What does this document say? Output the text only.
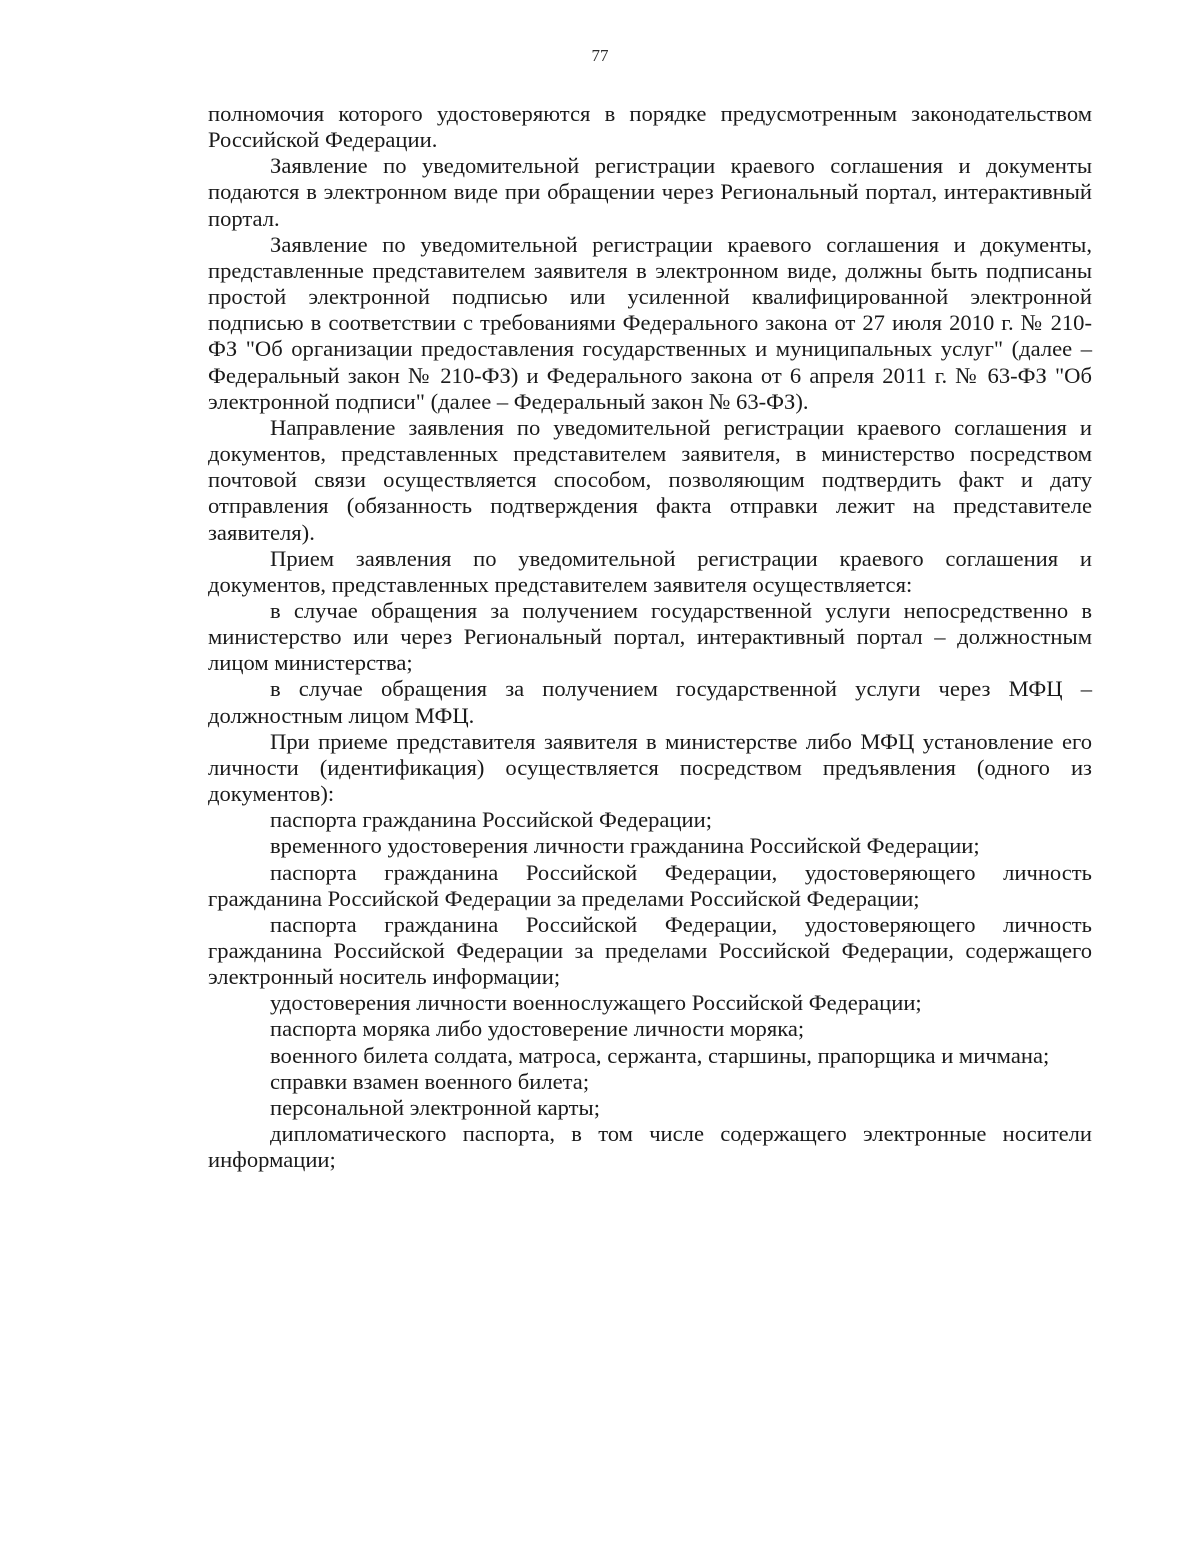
77

полномочия которого удостоверяются в порядке предусмотренным законодательством Российской Федерации.

Заявление по уведомительной регистрации краевого соглашения и документы подаются в электронном виде при обращении через Региональный портал, интерактивный портал.

Заявление по уведомительной регистрации краевого соглашения и документы, представленные представителем заявителя в электронном виде, должны быть подписаны простой электронной подписью или усиленной квалифицированной электронной подписью в соответствии с требованиями Федерального закона от 27 июля 2010 г. № 210-ФЗ "Об организации предоставления государственных и муниципальных услуг" (далее – Федеральный закон № 210-ФЗ) и Федерального закона от 6 апреля 2011 г. № 63-ФЗ "Об электронной подписи" (далее – Федеральный закон № 63-ФЗ).

Направление заявления по уведомительной регистрации краевого соглашения и документов, представленных представителем заявителя, в министерство посредством почтовой связи осуществляется способом, позволяющим подтвердить факт и дату отправления (обязанность подтверждения факта отправки лежит на представителе заявителя).

Прием заявления по уведомительной регистрации краевого соглашения и документов, представленных представителем заявителя осуществляется:

в случае обращения за получением государственной услуги непосредственно в министерство или через Региональный портал, интерактивный портал – должностным лицом министерства;

в случае обращения за получением государственной услуги через МФЦ – должностным лицом МФЦ.

При приеме представителя заявителя в министерстве либо МФЦ установление его личности (идентификация) осуществляется посредством предъявления (одного из документов):

паспорта гражданина Российской Федерации;

временного удостоверения личности гражданина Российской Федерации;

паспорта гражданина Российской Федерации, удостоверяющего личность гражданина Российской Федерации за пределами Российской Федерации;

паспорта гражданина Российской Федерации, удостоверяющего личность гражданина Российской Федерации за пределами Российской Федерации, содержащего электронный носитель информации;

удостоверения личности военнослужащего Российской Федерации;

паспорта моряка либо удостоверение личности моряка;

военного билета солдата, матроса, сержанта, старшины, прапорщика и мичмана;

справки взамен военного билета;

персональной электронной карты;

дипломатического паспорта, в том числе содержащего электронные носители информации;
